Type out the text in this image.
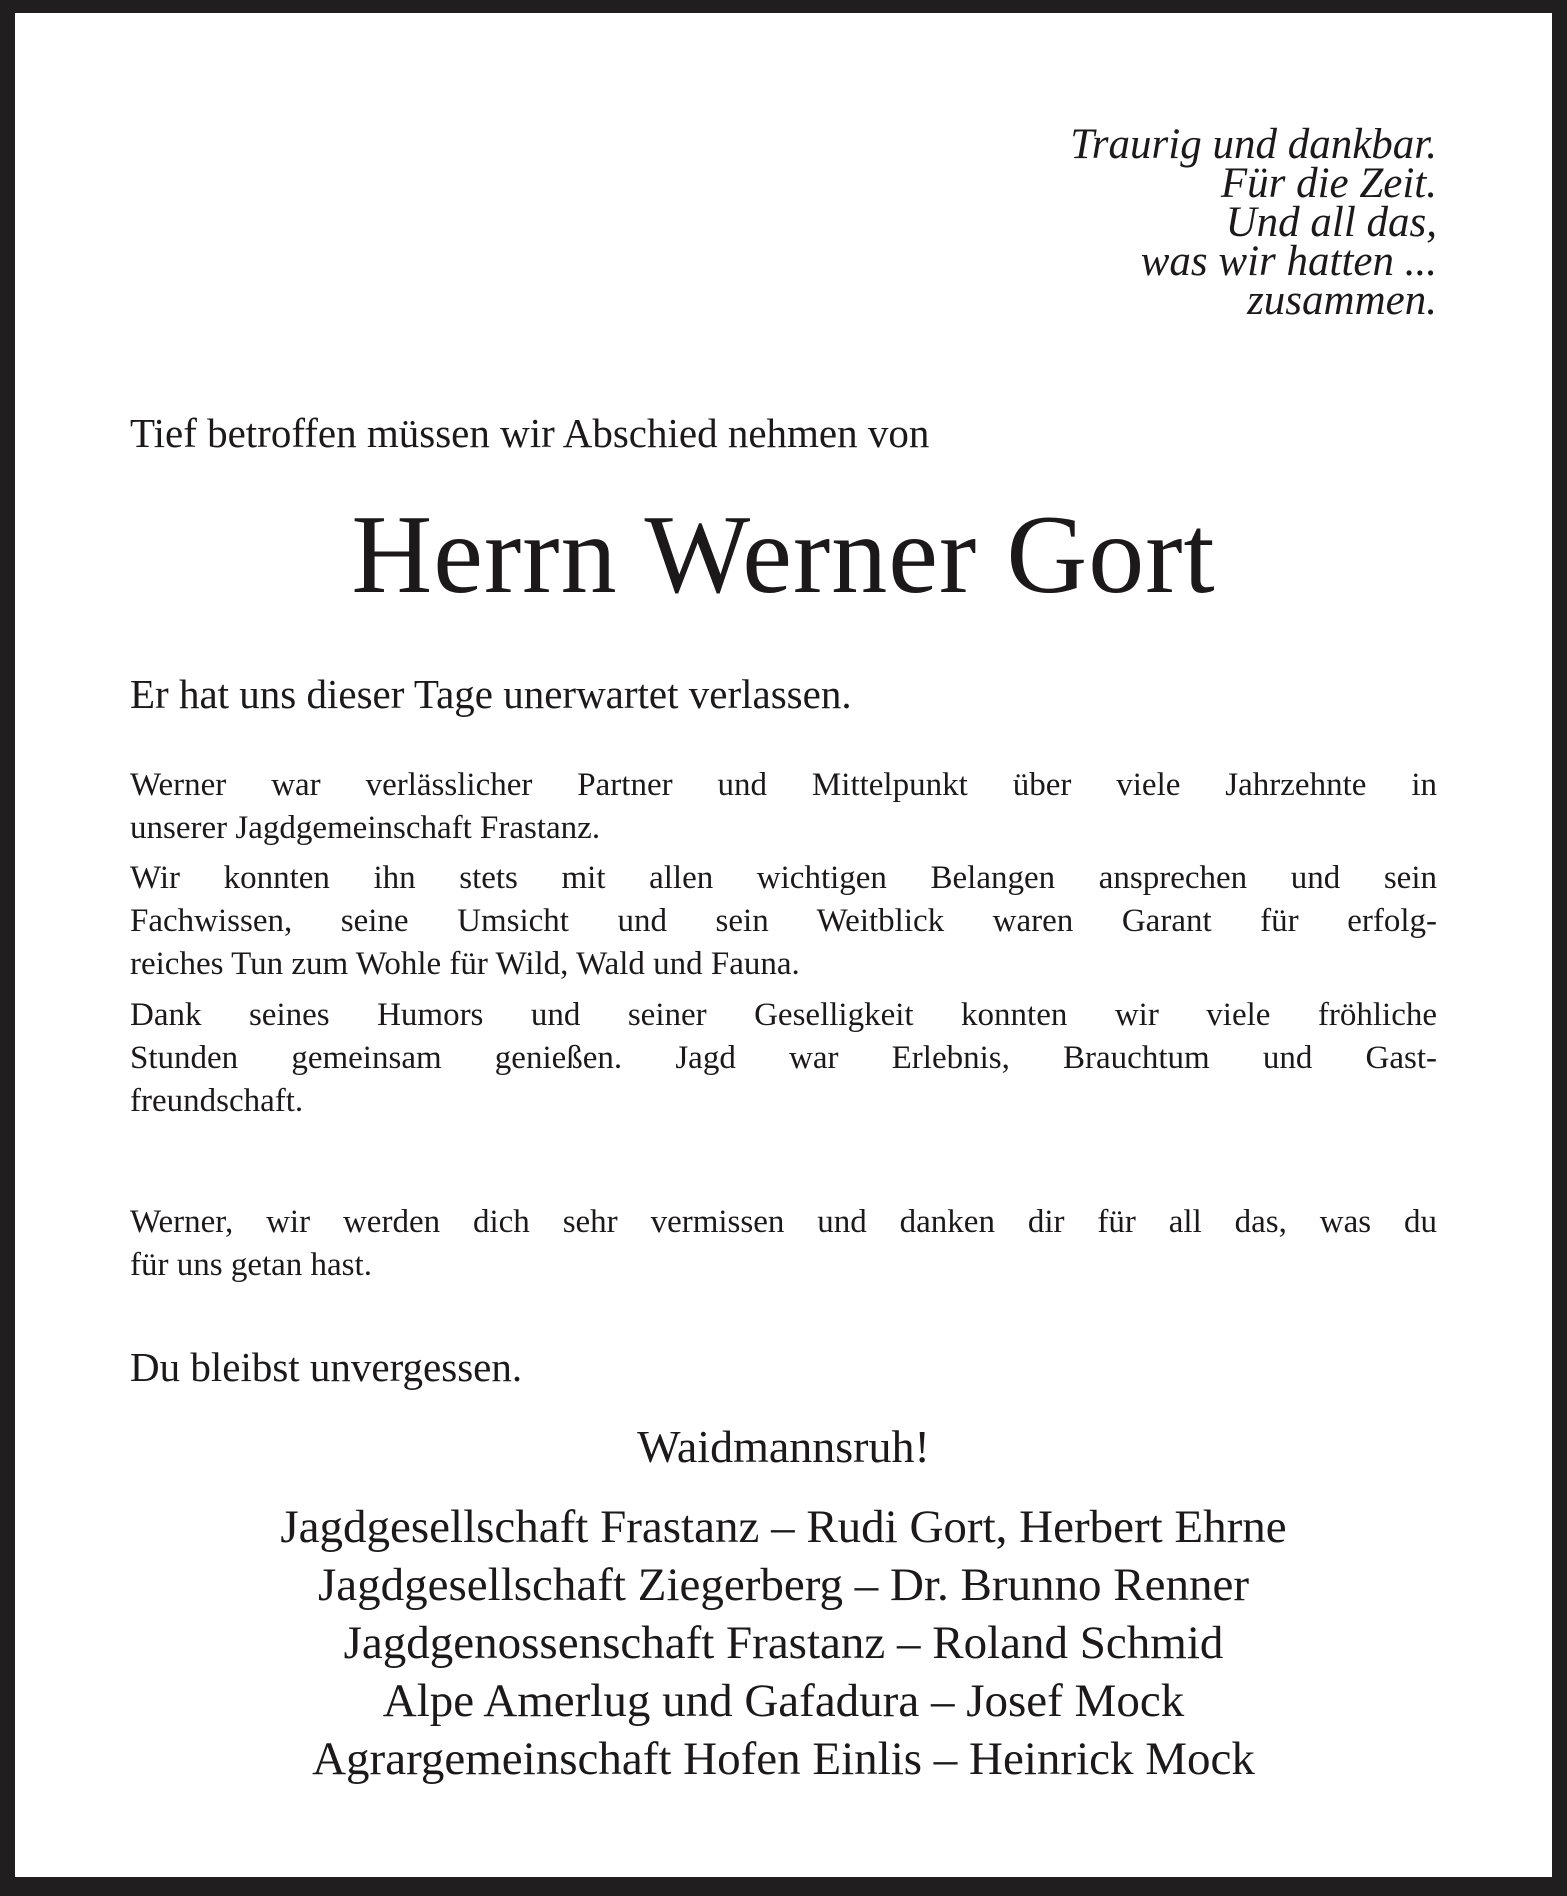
Traurig und dankbar.
Für die Zeit.
Und all das,
was wir hatten ...
zusammen.
Tief betroffen müssen wir Abschied nehmen von
Herrn Werner Gort
Er hat uns dieser Tage unerwartet verlassen.
Werner war verlässlicher Partner und Mittelpunkt über viele Jahrzehnte in
unserer Jagdgemeinschaft Frastanz.
Wir konnten ihn stets mit allen wichtigen Belangen ansprechen und sein
Fachwissen, seine Umsicht und sein Weitblick waren Garant für erfolg-
reiches Tun zum Wohle für Wild, Wald und Fauna.
Dank seines Humors und seiner Geselligkeit konnten wir viele fröhliche
Stunden gemeinsam genießen. Jagd war Erlebnis, Brauchtum und Gast-
freundschaft.
Werner, wir werden dich sehr vermissen und danken dir für all das, was du
für uns getan hast.
Du bleibst unvergessen.
Waidmannsruh!
Jagdgesellschaft Frastanz – Rudi Gort, Herbert Ehrne
Jagdgesellschaft Ziegerberg – Dr. Brunno Renner
Jagdgenossenschaft Frastanz – Roland Schmid
Alpe Amerlug und Gafadura – Josef Mock
Agrargemeinschaft Hofen Einlis – Heinrick Mock
